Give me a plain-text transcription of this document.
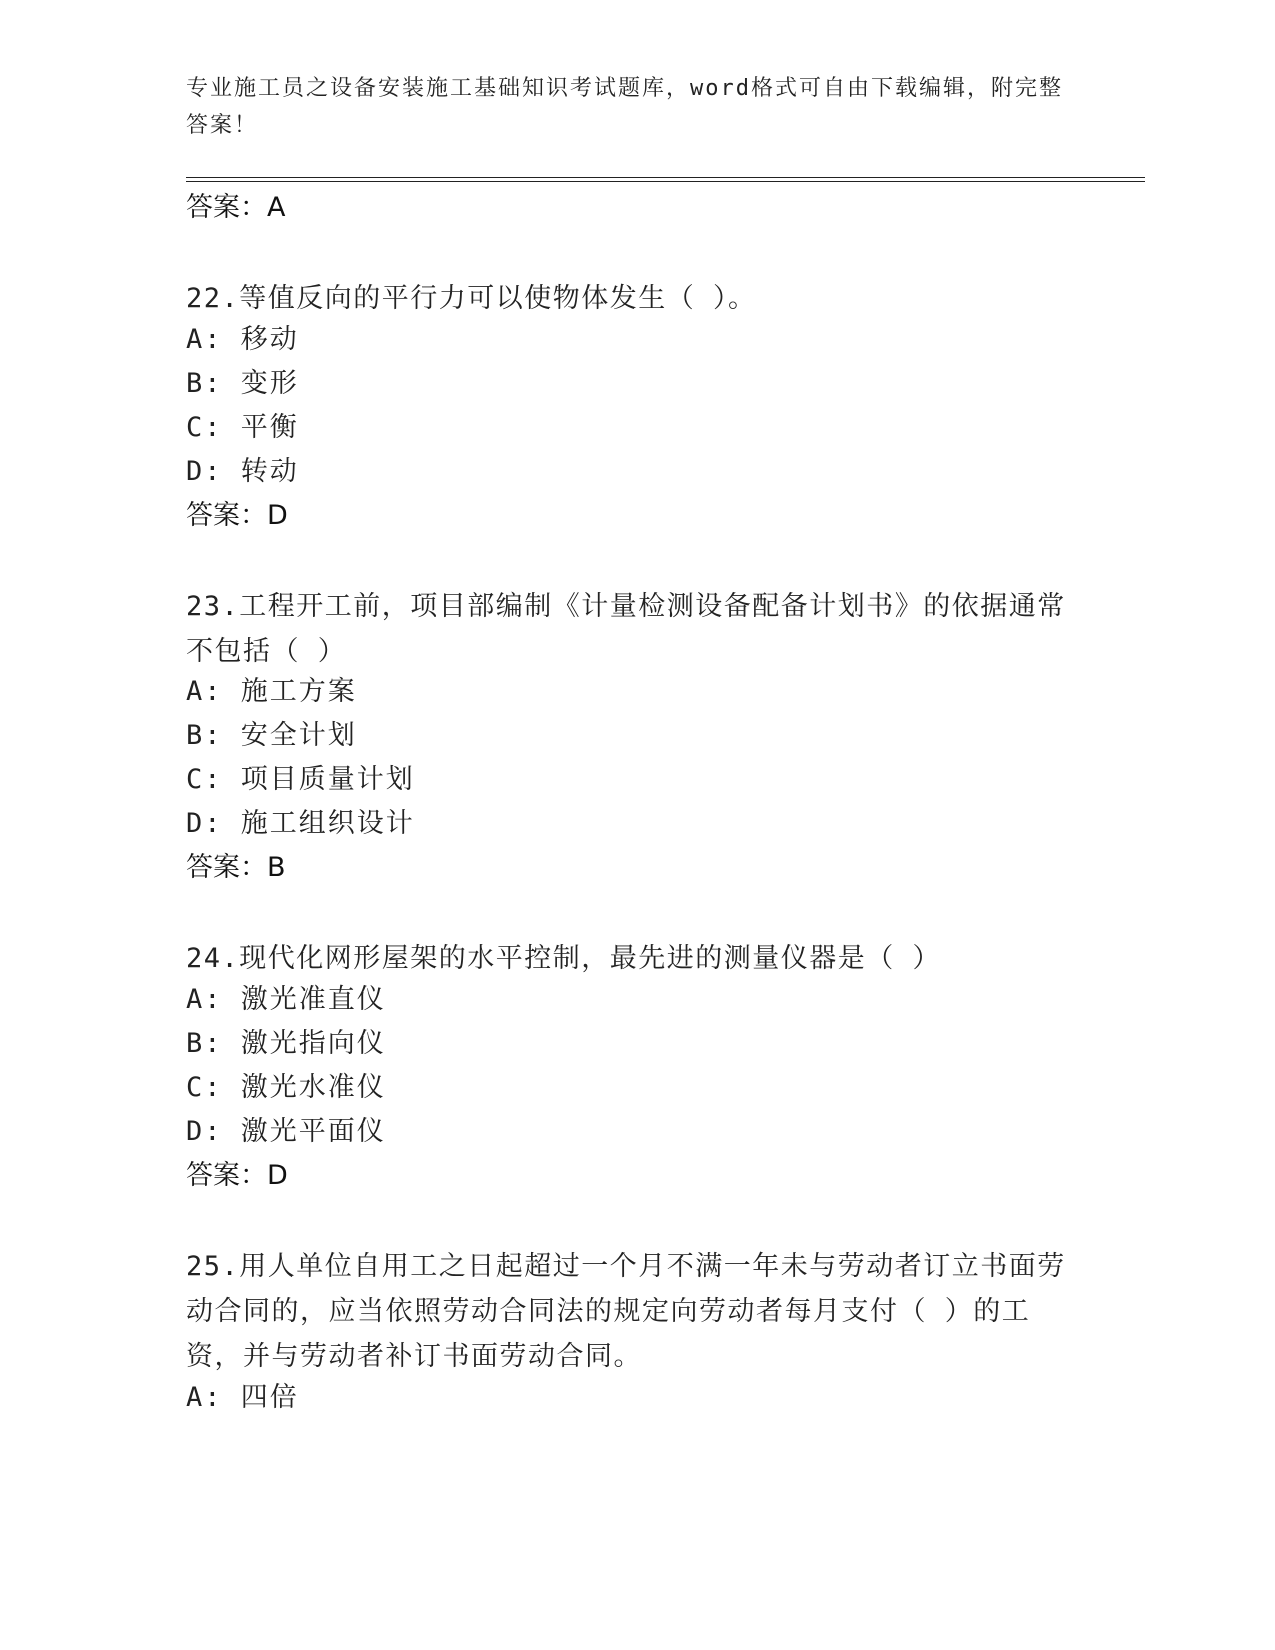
专业施工员之设备安装施工基础知识考试题库，word格式可自由下载编辑，附完整答案！
答案：A
22.等值反向的平行力可以使物体发生（ ）。
A: 移动
B: 变形
C: 平衡
D: 转动
答案：D
23.工程开工前，项目部编制《计量检测设备配备计划书》的依据通常不包括（ ）
A: 施工方案
B: 安全计划
C: 项目质量计划
D: 施工组织设计
答案：B
24.现代化网形屋架的水平控制，最先进的测量仪器是（ ）
A: 激光准直仪
B: 激光指向仪
C: 激光水准仪
D: 激光平面仪
答案：D
25.用人单位自用工之日起超过一个月不满一年未与劳动者订立书面劳动合同的，应当依照劳动合同法的规定向劳动者每月支付（ ）的工资，并与劳动者补订书面劳动合同。
A: 四倍
